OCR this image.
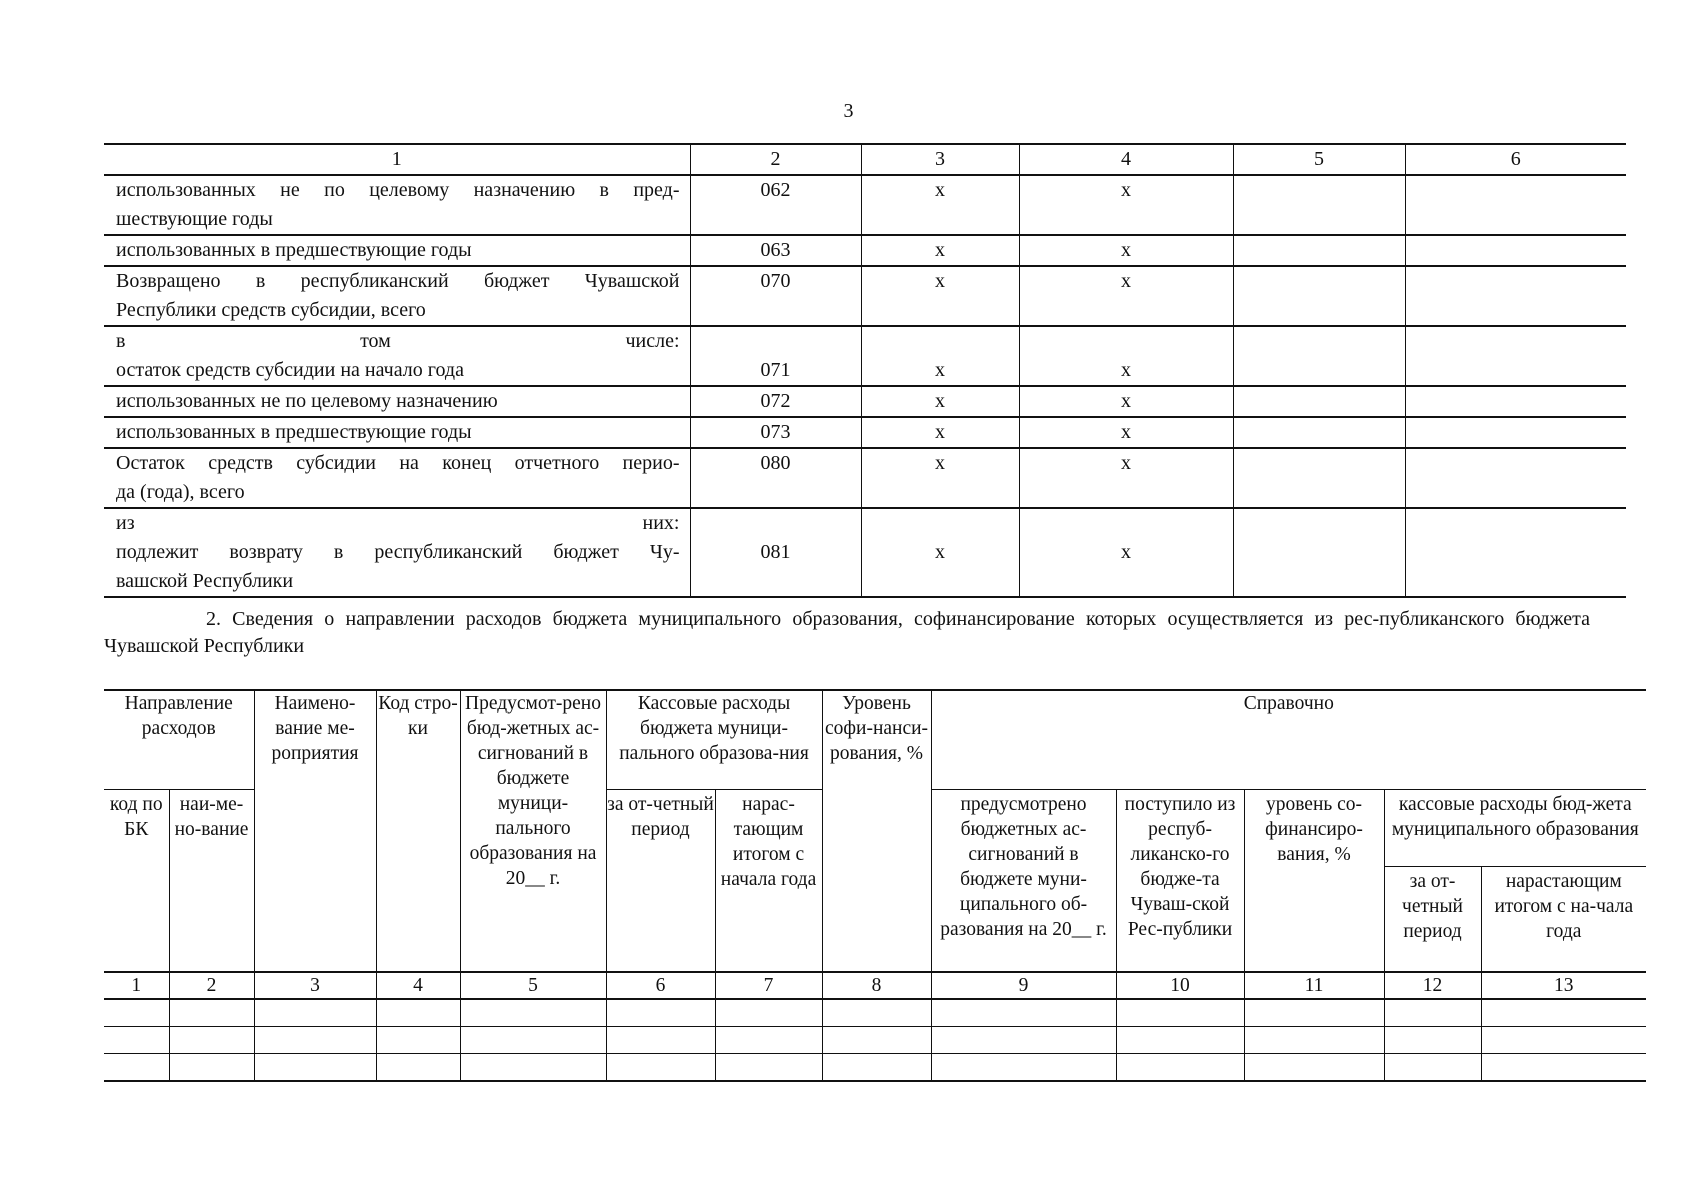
3
1	2	3	4	5	6

использованных не по целевому назначению в пред-
шествующие годы	062	х	х		

использованных в предшествующие годы	063	х	х		

Возвращено в республиканский бюджет Чувашской
Республики средств субсидии, всего	070	х	х		

в том числе:
остаток средств субсидии на начало года	071	х	х		

использованных не по целевому назначению	072	х	х		

использованных в предшествующие годы	073	х	х		

Остаток средств субсидии на конец отчетного перио-
да (года), всего	080	х	х		

из них:
подлежит возврату в республиканский бюджет Чу-
вашской Республики	081	х	х		
2. Сведения о направлении расходов бюджета муниципального образования, софинансирование которых осуществляется из рес-публиканского бюджета Чувашской Республики
Направление расходов		Наимено-вание ме-роприятия	Код стро-ки	Предусмот-рено бюд-жетных ас-сигнований в бюджете муници-пального образования на 20__ г.	Кассовые расходы бюджета муници-пального образова-ния		Уровень софи-нанси-рования, %	Справочно				
код по БК	наи-ме-но-вание				за от-четный период	нарас-тающим итогом с начала года		предусмотрено бюджетных ас-сигнований в бюджете муни-ципального об-разования на 20__ г.	поступило из респуб-ликанско-го бюдже-та Чуваш-ской Рес-публики	уровень со-финансиро-вания, %	кассовые расходы бюд-жета муниципального образования	
											за от-четный период	нарастающим итогом с на-чала года
1	2	3	4	5	6	7	8	9	10	11	12	13
